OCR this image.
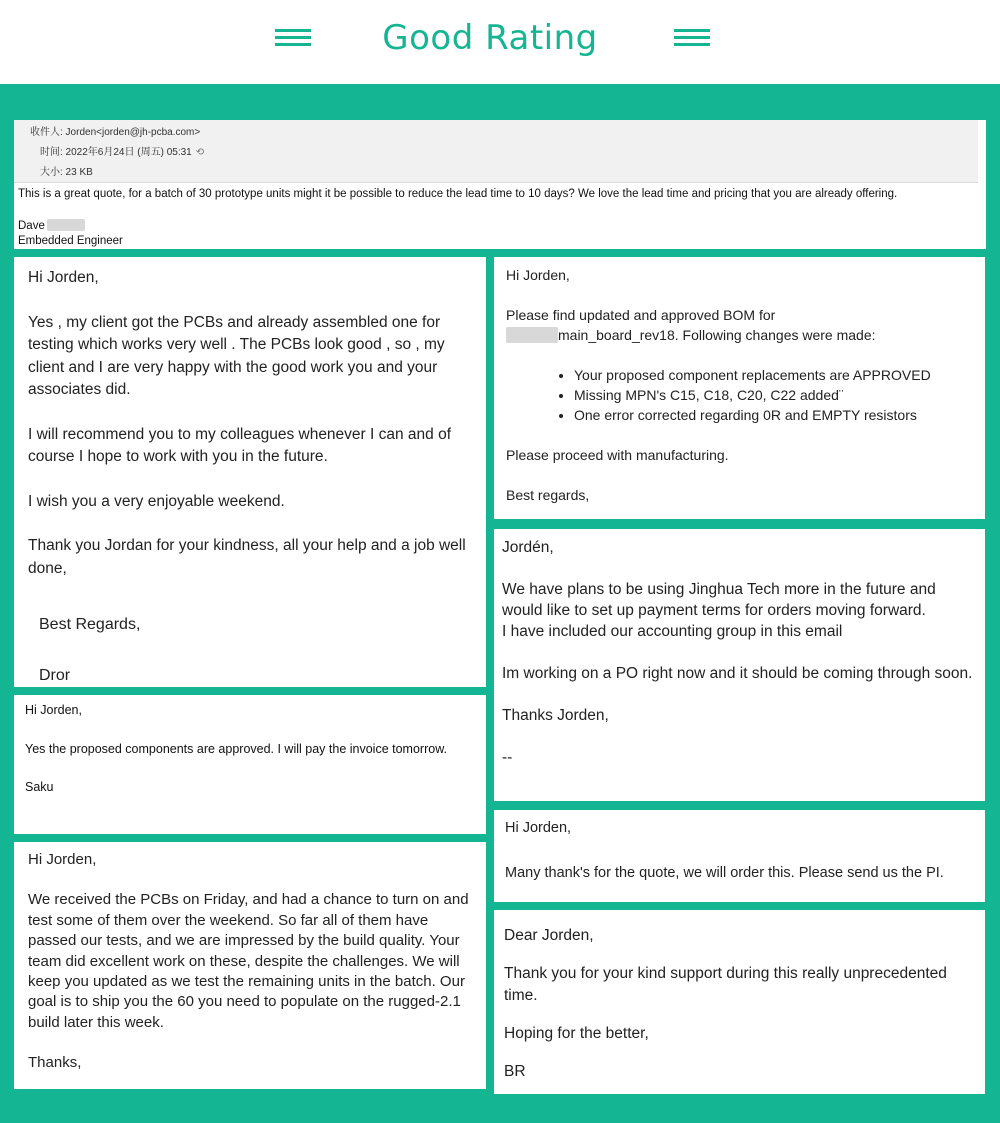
Good Rating
收件人: Jorden<jorden@jh-pcba.com>
时间: 2022年6月24日 (周五) 05:31 ⟲
大小: 23 KB
This is a great quote, for a batch of 30 prototype units might it be possible to reduce the lead time to 10 days? We love the lead time and pricing that you are already offering.
Dave
Embedded Engineer

Hi Jorden,

Yes , my client got the PCBs and already assembled one for testing which works very well . The PCBs look good , so , my client and I are very happy with the good work you and your associates did.

I will recommend you to my colleagues whenever I can and of course I hope to work with you in the future.

I wish you a very enjoyable weekend.

Thank you Jordan for your kindness, all your help and a job well done,

Best Regards,

Dror

Hi Jorden,

Please find updated and approved BOM for

main_board_rev18. Following changes were made:

• Your proposed component replacements are APPROVED
• Missing MPN's C15, C18, C20, C22 added¨
• One error corrected regarding 0R and EMPTY resistors

Please proceed with manufacturing.

Best regards,

Hi Jorden,

Yes the proposed components are approved. I will pay the invoice tomorrow.

Saku

Jordén,

We have plans to be using Jinghua Tech more in the future and would like to set up payment terms for orders moving forward.

I have included our accounting group in this email

Im working on a PO right now and it should be coming through soon.

Thanks Jorden,

--

Hi Jorden,

Many thank's for the quote, we will order this. Please send us the PI.

Hi Jorden,

We received the PCBs on Friday, and had a chance to turn on and test some of them over the weekend. So far all of them have passed our tests, and we are impressed by the build quality. Your team did excellent work on these, despite the challenges. We will keep you updated as we test the remaining units in the batch. Our goal is to ship you the 60 you need to populate on the rugged-2.1 build later this week.

Thanks,

Dear Jorden,

Thank you for your kind support during this really unprecedented time.

Hoping for the better,

BR
